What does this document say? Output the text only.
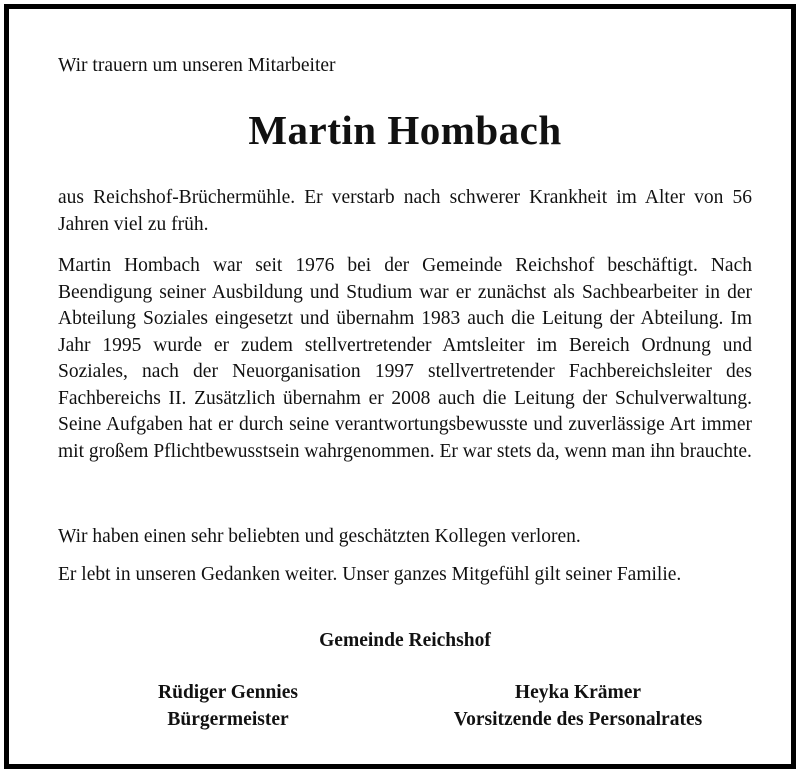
Wir trauern um unseren Mitarbeiter
Martin Hombach
aus Reichshof-Brüchermühle. Er verstarb nach schwerer Krankheit im Alter von 56 Jahren viel zu früh.
Martin Hombach war seit 1976 bei der Gemeinde Reichshof beschäftigt. Nach Beendigung seiner Ausbildung und Studium war er zunächst als Sachbearbeiter in der Abteilung Soziales eingesetzt und übernahm 1983 auch die Leitung der Abteilung. Im Jahr 1995 wurde er zudem stellvertretender Amtsleiter im Bereich Ordnung und Soziales, nach der Neuorganisation 1997 stellvertretender Fachbereichsleiter des Fachbereichs II. Zusätzlich übernahm er 2008 auch die Leitung der Schulverwaltung. Seine Aufgaben hat er durch seine verantwortungsbewusste und zuverlässige Art immer mit großem Pflichtbewusstsein wahrgenommen. Er war stets da, wenn man ihn brauchte.
Wir haben einen sehr beliebten und geschätzten Kollegen verloren.
Er lebt in unseren Gedanken weiter. Unser ganzes Mitgefühl gilt seiner Familie.
Gemeinde Reichshof
Rüdiger Gennies
Bürgermeister
Heyka Krämer
Vorsitzende des Personalrates
